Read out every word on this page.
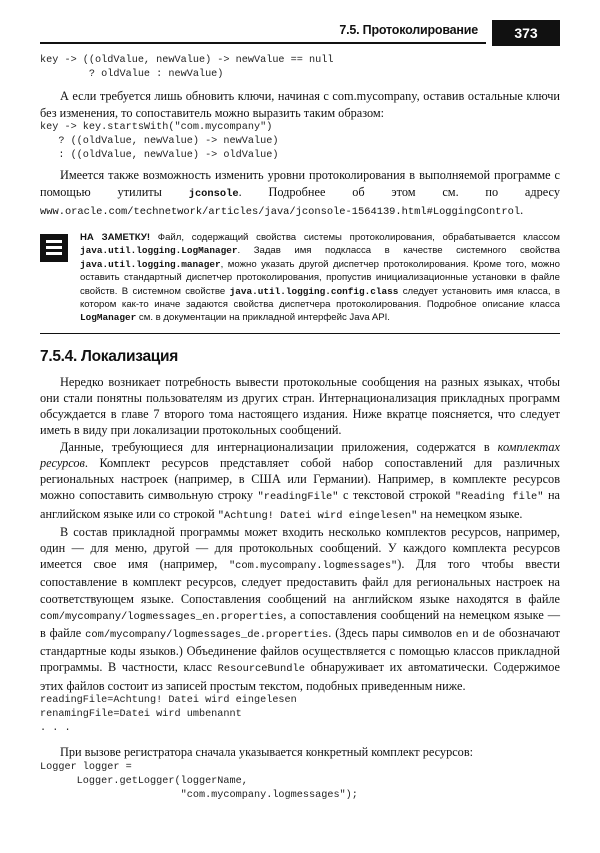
7.5. Протоколирование	373
key -> ((oldValue, newValue) -> newValue == null
? oldValue : newValue)

А если требуется лишь обновить ключи, начиная с com.mycompany, оставив остальные ключи без изменения, то сопоставитель можно выразить таким образом:

key -> key.startsWith("com.mycompany")
? ((oldValue, newValue) -> newValue)
: ((oldValue, newValue) -> oldValue)

Имеется также возможность изменить уровни протоколирования в выполняемой программе с помощью утилиты jconsole. Подробнее об этом см. по адресу www.oracle.com/technetwork/articles/java/jconsole-1564139.html#LoggingControl.

НА ЗАМЕТКУ! Файл, содержащий свойства системы протоколирования, обрабатывается классом java.util.logging.LogManager. Задав имя подкласса в качестве системного свойства java.util.logging.manager, можно указать другой диспетчер протоколирования. Кроме того, можно оставить стандартный диспетчер протоколирования, пропустив инициализационные установки в файле свойств. В системном свойстве java.util.logging.config.class следует установить имя класса, в котором как-то иначе задаются свойства диспетчера протоколирования. Подробное описание класса LogManager см. в документации на прикладной интерфейс Java API.
7.5.4. Локализация

Нередко возникает потребность вывести протокольные сообщения на разных языках, чтобы они стали понятны пользователям из других стран. Интернационализация прикладных программ обсуждается в главе 7 второго тома настоящего издания. Ниже вкратце поясняется, что следует иметь в виду при локализации протокольных сообщений.

Данные, требующиеся для интернационализации приложения, содержатся в комплектах ресурсов. Комплект ресурсов представляет собой набор сопоставлений для различных региональных настроек (например, в США или Германии). Например, в комплекте ресурсов можно сопоставить символьную строку "readingFile" с текстовой строкой "Reading file" на английском языке или со строкой "Achtung! Datei wird eingelesen" на немецком языке.

В состав прикладной программы может входить несколько комплектов ресурсов, например, один — для меню, другой — для протокольных сообщений. У каждого комплекта ресурсов имеется свое имя (например, "com.mycompany.logmessages"). Для того чтобы ввести сопоставление в комплект ресурсов, следует предоставить файл для региональных настроек на соответствующем языке. Сопоставления сообщений на английском языке находятся в файле com/mycompany/logmessages_en.properties, а сопоставления сообщений на немецком языке — в файле com/mycompany/logmessages_de.properties. (Здесь пары символов en и de обозначают стандартные коды языков.) Объединение файлов осуществляется с помощью классов прикладной программы. В частности, класс ResourceBundle обнаруживает их автоматически. Содержимое этих файлов состоит из записей простым текстом, подобных приведенным ниже.

readingFile=Achtung! Datei wird eingelesen
renamingFile=Datei wird umbenannt
. . .

При вызове регистратора сначала указывается конкретный комплект ресурсов:

Logger logger =
Logger.getLogger(loggerName,
"com.mycompany.logmessages");
